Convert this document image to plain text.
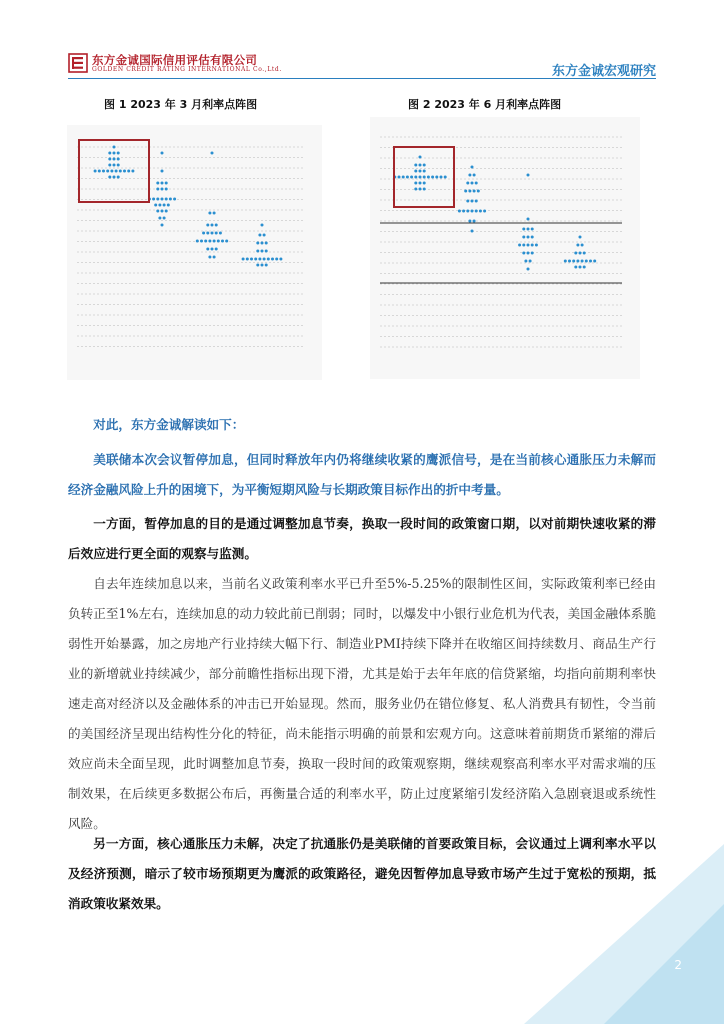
东方金诚国际信用评估有限公司
GOLDEN CREDIT RATING INTERNATIONAL Co.,Ltd.	东方金诚宏观研究
图 1 2023 年 3 月利率点阵图	图 2 2023 年 6 月利率点阵图

对此，东方金诚解读如下：

美联储本次会议暂停加息，但同时释放年内仍将继续收紧的鹰派信号，是在当前核心通胀压力未解而经济金融风险上升的困境下，为平衡短期风险与长期政策目标作出的折中考量。

一方面，暂停加息的目的是通过调整加息节奏，换取一段时间的政策窗口期，以对前期快速收紧的滞后效应进行更全面的观察与监测。

自去年连续加息以来，当前名义政策利率水平已升至5%-5.25%的限制性区间，实际政策利率已经由负转正至1%左右，连续加息的动力较此前已削弱；同时，以爆发中小银行业危机为代表，美国金融体系脆弱性开始暴露，加之房地产行业持续大幅下行、制造业PMI持续下降并在收缩区间持续数月、商品生产行业的新增就业持续减少，部分前瞻性指标出现下滑，尤其是始于去年年底的信贷紧缩，均指向前期利率快速走高对经济以及金融体系的冲击已开始显现。然而，服务业仍在错位修复、私人消费具有韧性，令当前的美国经济呈现出结构性分化的特征，尚未能指示明确的前景和宏观方向。这意味着前期货币紧缩的滞后效应尚未全面呈现，此时调整加息节奏，换取一段时间的政策观察期，继续观察高利率水平对需求端的压制效果，在后续更多数据公布后，再衡量合适的利率水平，防止过度紧缩引发经济陷入急剧衰退或系统性风险。

另一方面，核心通胀压力未解，决定了抗通胀仍是美联储的首要政策目标，会议通过上调利率水平以及经济预测，暗示了较市场预期更为鹰派的政策路径，避免因暂停加息导致市场产生过于宽松的预期，抵消政策收紧效果。

2
